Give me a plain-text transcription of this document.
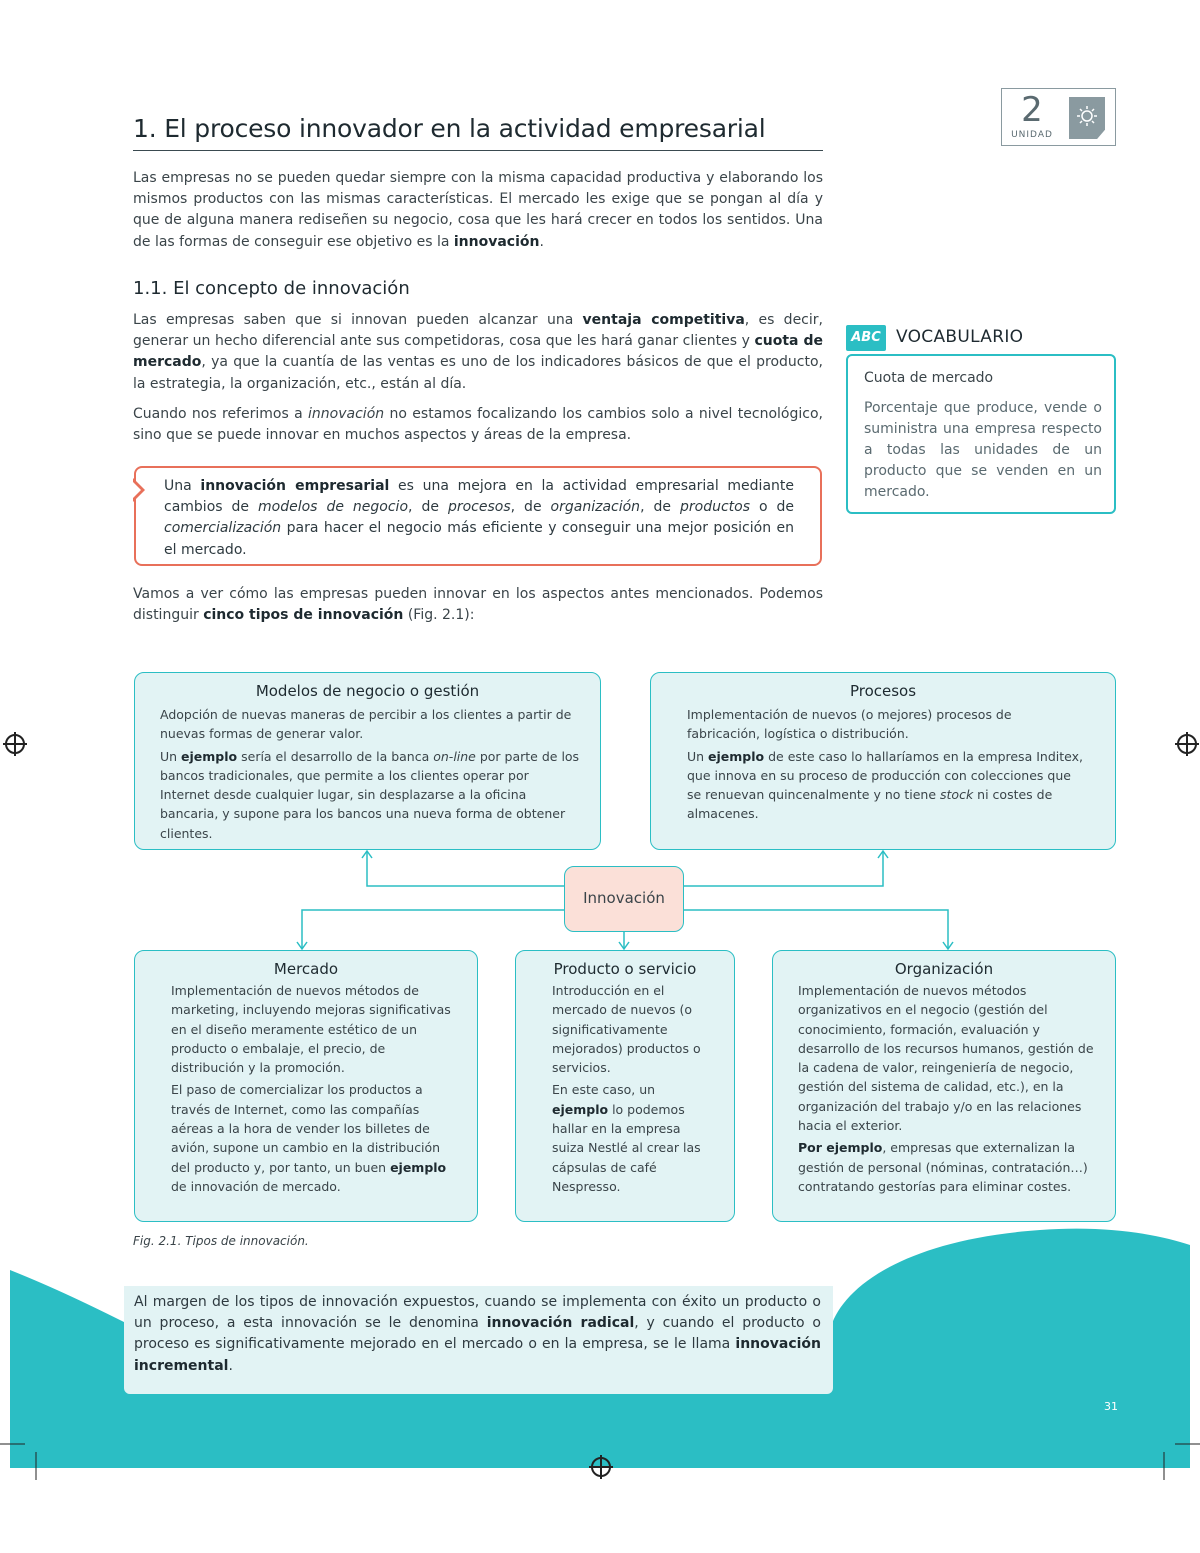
1. El proceso innovador en la actividad empresarial	2
UNIDAD

Las empresas no se pueden quedar siempre con la misma capacidad productiva y elaborando los mismos productos con las mismas características. El mercado les exige que se pongan al día y que de alguna manera rediseñen su negocio, cosa que les hará crecer en todos los sentidos. Una de las formas de conseguir ese objetivo es la innovación.

1.1. El concepto de innovación

Las empresas saben que si innovan pueden alcanzar una ventaja competitiva, es decir, generar un hecho diferencial ante sus competidoras, cosa que les hará ganar clientes y cuota de mercado, ya que la cuantía de las ventas es uno de los indicadores básicos de que el producto, la estrategia, la organización, etc., están al día.

Cuando nos referimos a innovación no estamos focalizando los cambios solo a nivel tecnológico, sino que se puede innovar en muchos aspectos y áreas de la empresa.

Una innovación empresarial es una mejora en la actividad empresarial mediante cambios de modelos de negocio, de procesos, de organización, de productos o de comercialización para hacer el negocio más eficiente y conseguir una mejor posición en el mercado.

ABC VOCABULARIO
Cuota de mercado
Porcentaje que produce, vende o suministra una empresa respecto a todas las unidades de un producto que se venden en un mercado.

Vamos a ver cómo las empresas pueden innovar en los aspectos antes mencionados. Podemos distinguir cinco tipos de innovación (Fig. 2.1):

Modelos de negocio o gestión

Adopción de nuevas maneras de percibir a los clientes a partir de nuevas formas de generar valor.

Un ejemplo sería el desarrollo de la banca on-line por parte de los bancos tradicionales, que permite a los clientes operar por Internet desde cualquier lugar, sin desplazarse a la oficina bancaria, y supone para los bancos una nueva forma de obtener clientes.

Procesos

Implementación de nuevos (o mejores) procesos de fabricación, logística o distribución.

Un ejemplo de este caso lo hallaríamos en la empresa Inditex, que innova en su proceso de producción con colecciones que se renuevan quincenalmente y no tiene stock ni costes de almacenes.

Innovación
Mercado

Implementación de nuevos métodos de marketing, incluyendo mejoras significativas en el diseño meramente estético de un producto o embalaje, el precio, de distribución y la promoción.

El paso de comercializar los productos a través de Internet, como las compañías aéreas a la hora de vender los billetes de avión, supone un cambio en la distribución del producto y, por tanto, un buen ejemplo de innovación de mercado.

Producto o servicio

Introducción en el mercado de nuevos (o significativamente mejorados) productos o servicios.

En este caso, un ejemplo lo podemos hallar en la empresa suiza Nestlé al crear las cápsulas de café Nespresso.

Organización

Implementación de nuevos métodos organizativos en el negocio (gestión del conocimiento, formación, evaluación y desarrollo de los recursos humanos, gestión de la cadena de valor, reingeniería de negocio, gestión del sistema de calidad, etc.), en la organización del trabajo y/o en las relaciones hacia el exterior.

Por ejemplo, empresas que externalizan la gestión de personal (nóminas, contratación…) contratando gestorías para eliminar costes.

Fig. 2.1. Tipos de innovación.

Al margen de los tipos de innovación expuestos, cuando se implementa con éxito un producto o un proceso, a esta innovación se le denomina innovación radical, y cuando el producto o proceso es significativamente mejorado en el mercado o en la empresa, se le llama innovación incremental.

31
